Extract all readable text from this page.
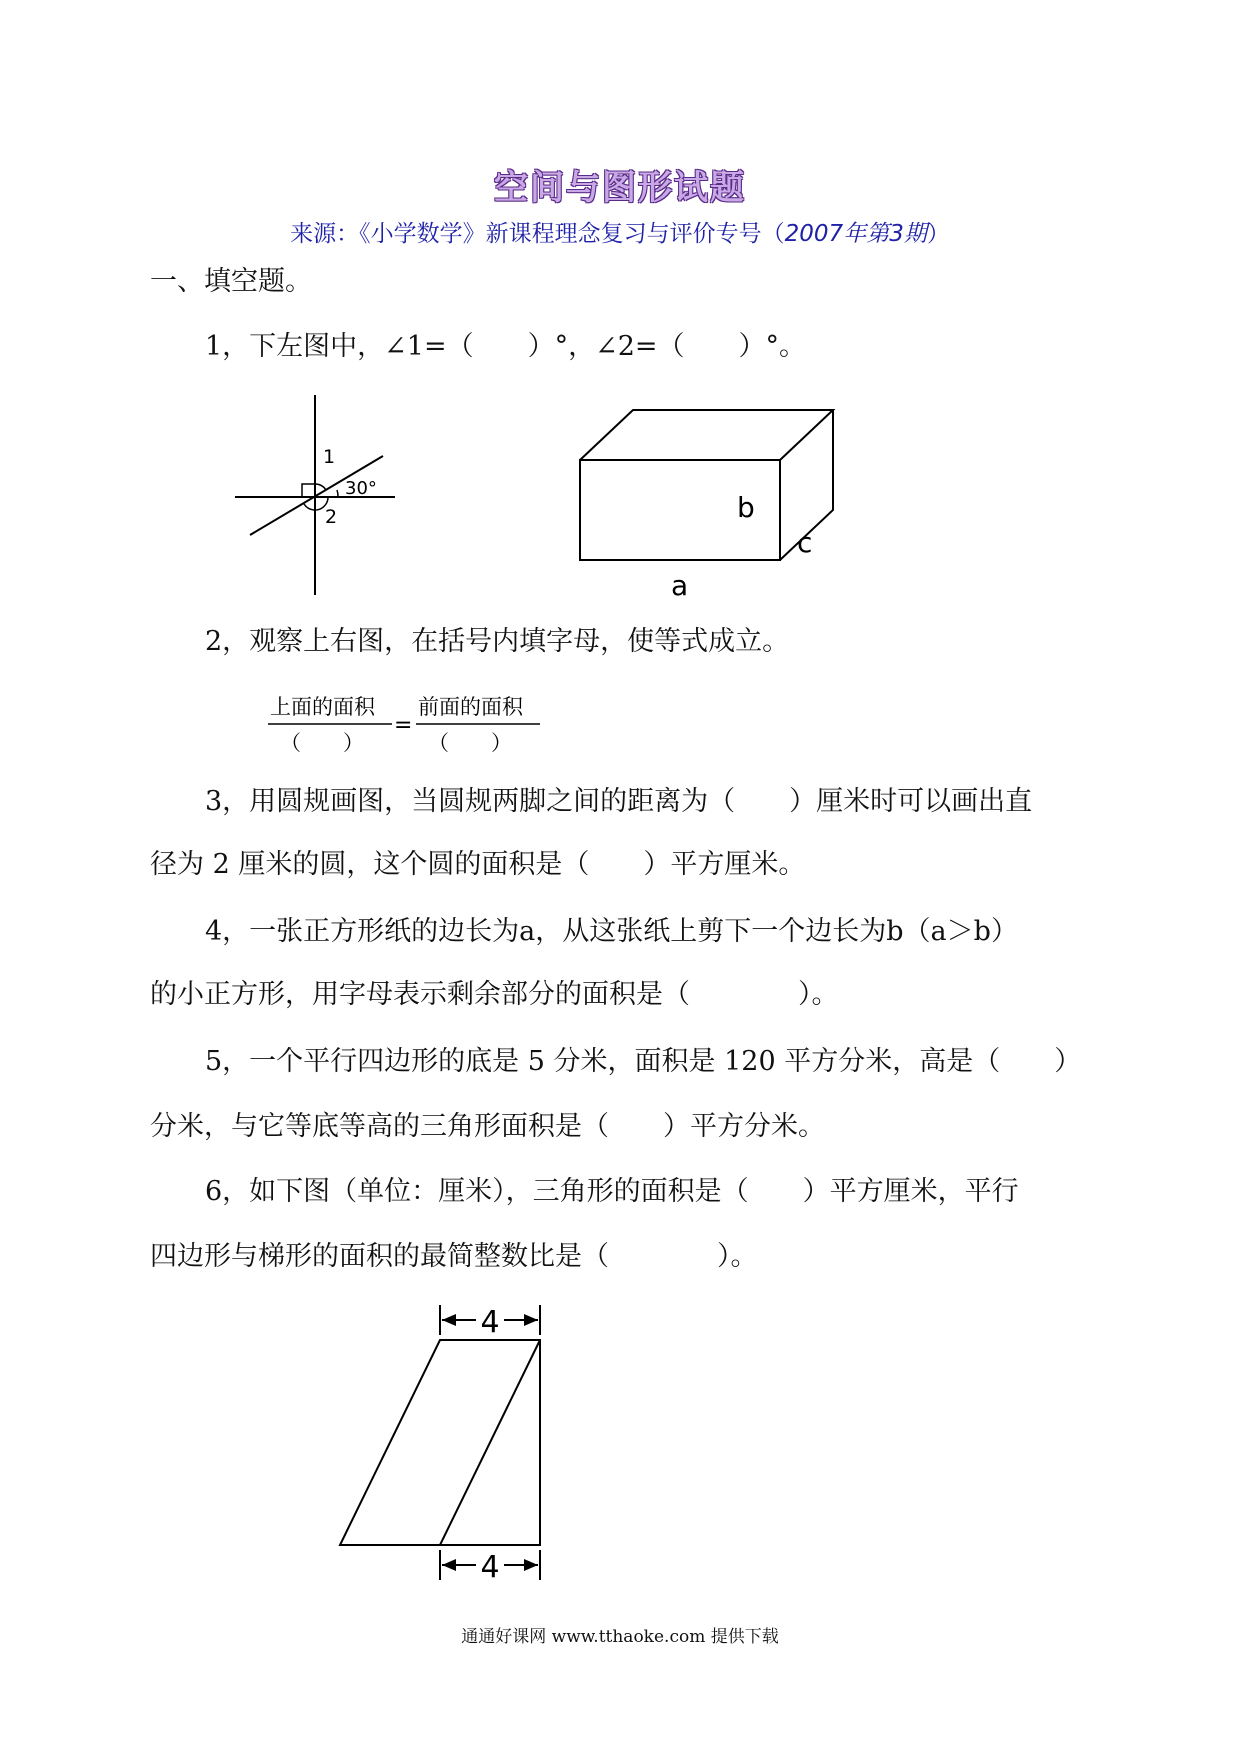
空间与图形试题
来源：《小学数学》新课程理念复习与评价专号（2007年第3期）
一、填空题。
1，下左图中，∠1=（　　）°，∠2=（　　）°。
1
2
30°
b
c
a
2，观察上右图，在括号内填字母，使等式成立。
上面的面积
（　　）
=
前面的面积
（　　）
3，用圆规画图，当圆规两脚之间的距离为（　　）厘米时可以画出直
径为 2 厘米的圆，这个圆的面积是（　　）平方厘米。
4，一张正方形纸的边长为a，从这张纸上剪下一个边长为b（a＞b）
的小正方形，用字母表示剩余部分的面积是（　　　　）。
5，一个平行四边形的底是 5 分米，面积是 120 平方分米，高是（　　）
分米，与它等底等高的三角形面积是（　　）平方分米。
6，如下图（单位：厘米），三角形的面积是（　　）平方厘米，平行
四边形与梯形的面积的最简整数比是（　　　　）。
4
4
通通好课网 www.tthaoke.com 提供下载
